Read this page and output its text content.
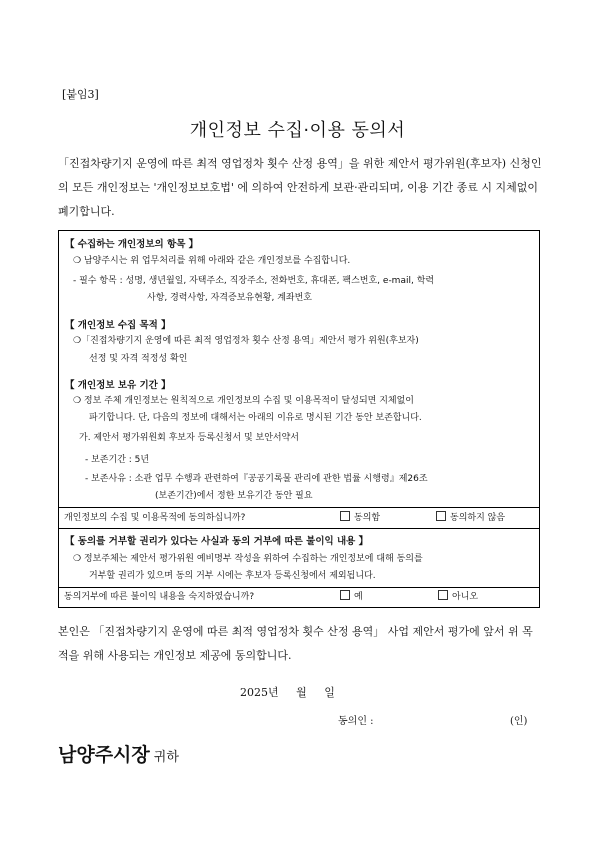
[붙임3]
개인정보 수집·이용 동의서
「진접차량기지 운영에 따른 최적 영업정차 횟수 산정 용역」을 위한 제안서 평가위원(후보자) 신청인의 모든 개인정보는 '개인정보보호법' 에 의하여 안전하게 보관·관리되며, 이용 기간 종료 시 지체없이 폐기합니다.
【 수집하는 개인정보의 항목 】
❍ 남양주시는 위 업무처리를 위해 아래와 같은 개인정보를 수집합니다.
- 필수 항목 : 성명, 생년월일, 자택주소, 직장주소, 전화번호, 휴대폰, 팩스번호, e-mail, 학력
사항, 경력사항, 자격증보유현황, 계좌번호
【 개인정보 수집 목적 】
❍「진접차량기지 운영에 따른 최적 영업정차 횟수 산정 용역」제안서 평가 위원(후보자)
선정 및 자격 적정성 확인
【 개인정보 보유 기간 】
❍ 정보 주체 개인정보는 원칙적으로 개인정보의 수집 및 이용목적이 달성되면 지체없이
파기합니다. 단, 다음의 정보에 대해서는 아래의 이유로 명시된 기간 동안 보존합니다.
가. 제안서 평가위원회 후보자 등록신청서 및 보안서약서
- 보존기간 : 5년
- 보존사유 : 소관 업무 수행과 관련하여『공공기록물 관리에 관한 법률 시행령』제26조
(보존기간)에서 정한 보유기간 동안 필요
개인정보의 수집 및 이용목적에 동의하십니까?	동의함	동의하지 않음
【 동의를 거부할 권리가 있다는 사실과 동의 거부에 따른 불이익 내용 】
❍ 정보주체는 제안서 평가위원 예비명부 작성을 위하여 수집하는 개인정보에 대해 동의를
거부할 권리가 있으며 동의 거부 시에는 후보자 등록신청에서 제외됩니다.
동의거부에 따른 불이익 내용을 숙지하였습니까?	예	아니오
본인은 「진접차량기지 운영에 따른 최적 영업정차 횟수 산정 용역」 사업 제안서 평가에 앞서 위 목적을 위해 사용되는 개인정보 제공에 동의합니다.
2025년 월 일
동의인 :	(인)
남양주시장 귀하
